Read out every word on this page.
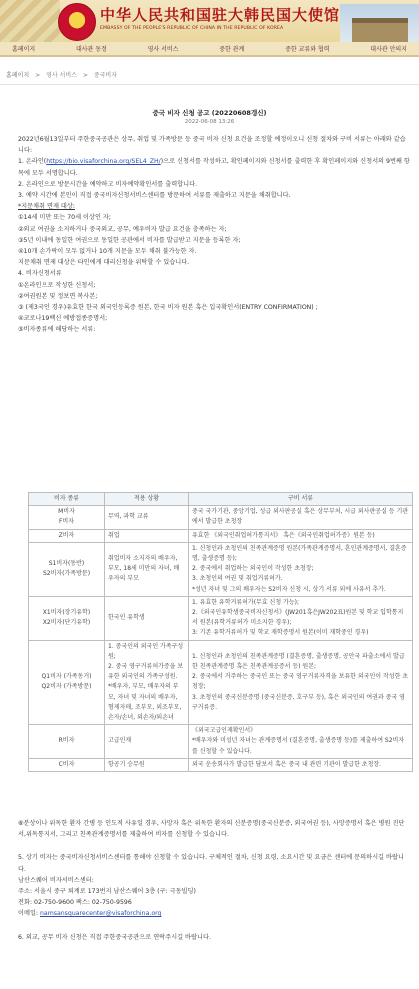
★ 中华人民共和国驻大韩民国大使馆
EMBASSY OF THE PEOPLE'S REPUBLIC OF CHINA IN THE REPUBLIC OF KOREA
홈페이지	대사관 동정	영사 서비스	중한 관계	중한 교류와 협력	대사관 안의지
홈페이지 > 영사 서비스 > 중국비자
중국 비자 신청 공고 (20220608갱신)
2022-06-08 13:26

2022년6월13일부터 주한중국공관은 상무, 취업 및 가족방문 등 중국 비자 신청 요건을 조정할 예정이오니 신청 절차와 구비 서류는 아래와 같습니다:

1. 온라인(https://bio.visaforchina.org/SEL4_ZH/)으로 신청서를 작성하고, 확인페이지와 신청서를 출력한 후 확인페이지와 신청서의 9번째 항목에 모두 서명합니다.

2. 온라인으로 방문시간을 예약하고 비자예약확인서를 출력합니다.

3. 예약 시간에 본인이 직접 중국비자신청서비스센터를 방문하여 서류를 제출하고 지문을 채취합니다.

*지문채취 면제 대상:

①14세 미만 또는 70세 이상인 자;

②외교 여권을 소지하거나 중국외교, 공무, 예우비자 발급 요건을 충족하는 자;

③5년 이내에 동일한 여권으로 동일한 공관에서 비자를 발급받고 지문을 등록한 자;

④10개 손가락이 모두 없거나 10개 지문을 모두 채취 불가능한 자.

지문채취 면제 대상은 타인에게 대리신청을 위탁할 수 있습니다.

4. 비자신청서류

①온라인으로 작성한 신청서;

②여권원본 및 정보면 복사본;

③ (제3국인 경우)유효한 한국 외국인등록증 원본, 한국 비자 원본 혹은 입국확인서(ENTRY CONFIRMATION) ;

④코로나19백신 예방접종증명서;

⑤비자종류에 해당하는 서류:

비자 종류	적용 상황	구비 서류
M비자
F비자	무역, 과학 교류	중국 국가기관, 중앙기업, 성급 외사판공실 혹은 상무부처, 시급 외사판공실 등 기관에서 발급한 초청장
Z비자	취업	유효한 《외국인취업허가통지서》 혹은《외국인취업허가증》원본 등)
S1비자(동반)
S2비자(가족방문)	취업비자 소지자의 배우자, 부모, 18세 미만의 자녀, 배우자의 부모	1. 신청인과 초청인의 친족관계증명 원본(가족관계증명서, 혼인관계증명서, 결혼증명, 출생증명 등);
2. 중국에서 취업하는 외국인이 작성한 초청장;
3. 초청인의 여권 및 취업거류허가.
*성년 자녀 및 그의 배우자는 S2비자 신청 시, 상기 서류 외에 사유서 추가.
X1비자(장기유학)
X2비자(단기유학)	한국인 유학생	1. 유효한 유학거류허가(무효 신청 가능);
2.《외국인유학생중국비자신청서》(JW201혹은JW202표)원본 및 학교 입학통지서 원본(유학거류허가 미소지한 경우);
3: 기존 유학거류허가 및 학교 재학증명서 원본(이미 재학중인 경우)
Q1비자 (가족동거)
Q2비자 (가족방문)	1. 중국인의 외국인 가족구성원;
2. 중국 영구거류허가증을 보유한 외국인의 가족구성원.
*배우자, 부모, 배우자의 부모, 자녀 및 자녀의 배우자, 형제자매, 조부모, 외조부모, 손자/손녀, 외손자/외손녀	1. 신청인과 초청인의 친족관계증명 (결혼증명, 출생증명, 공안국 파출소에서 발급한 친족관계증명 혹은 친족관계공증서 등) 원본;
2. 중국에서 거주하는 중국인 또는 중국 영구거류자격을 보유한 외국인이 작성한 초청장;
3. 초청인의 중국신분증명 (중국신분증, 호구부 등), 혹은 외국인의 여권과 중국 영구거류증.
R비자	고급인재	《외국고급인재확인서》
*배우자와 미성년 자녀는 관계증명서 (결혼증명, 출생증명 등)를 제출하여 S2비자를 신청할 수 있습니다.
C비자	항공기 승무원	외국 운송회사가 발급한 담보서 혹은 중국 내 관련 기관이 발급한 초청장.

⑥분상이나 위독한 환자 간병 등 인도적 사유일 경우, 사망자 혹은 위독한 환자의 신분증명(중국신분증, 외국여권 등), 사망증명서 혹은 병원 진단서,위독통지서, 그리고 친족관계증명서를 제출하여 비자를 신청할 수 있습니다.

5. 상기 비자는 중국비자신청서비스센터를 통해야 신청할 수 있습니다. 구체적인 절차, 신청 요령, 소요시간 및 요금은 센터에 문의하시길 바랍니다.

남산스퀘어 비자서비스센터:

주소: 서울시 중구 퇴계로 173번지 남산스퀘어 3층 (구: 극동빌딩)

전화: 02-750-9600 팩스: 02-750-9596

이메일: namsansquarecenter@visaforchina.org

6. 외교, 공무 비자 신청은 직접 주한중국공관으로 연락주시길 바랍니다.
